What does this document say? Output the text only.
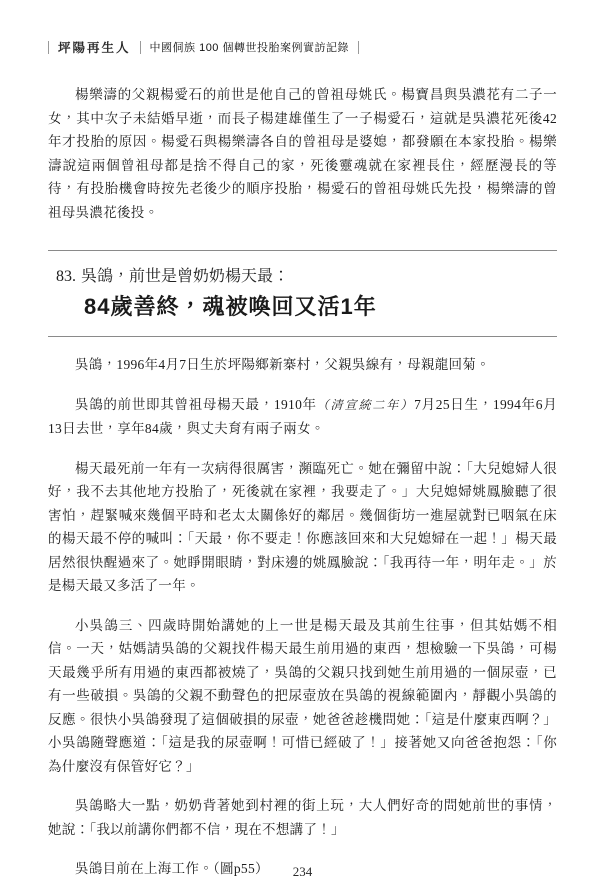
坪陽再生人 中國侗族 100 個轉世投胎案例實訪記錄

楊樂濤的父親楊愛石的前世是他自己的曾祖母姚氏。楊寶昌與吳濃花有二子一女，其中次子未結婚早逝，而長子楊建雄僅生了一子楊愛石，這就是吳濃花死後42年才投胎的原因。楊愛石與楊樂濤各自的曾祖母是婆媳，都發願在本家投胎。楊樂濤說這兩個曾祖母都是捨不得自己的家，死後靈魂就在家裡長住，經歷漫長的等待，有投胎機會時按先老後少的順序投胎，楊愛石的曾祖母姚氏先投，楊樂濤的曾祖母吳濃花後投。

83. 吳鴿，前世是曾奶奶楊天最：
84歲善終，魂被喚回又活1年

吳鴿，1996年4月7日生於坪陽鄉新寨村，父親吳線有，母親龍回菊。

吳鴿的前世即其曾祖母楊天最，1910年（清宣統二年）7月25日生，1994年6月13日去世，享年84歲，與丈夫育有兩子兩女。

楊天最死前一年有一次病得很厲害，瀕臨死亡。她在彌留中說：「大兒媳婦人很好，我不去其他地方投胎了，死後就在家裡，我要走了。」大兒媳婦姚鳳臉聽了很害怕，趕緊喊來幾個平時和老太太關係好的鄰居。幾個街坊一進屋就對已咽氣在床的楊天最不停的喊叫：「天最，你不要走！你應該回來和大兒媳婦在一起！」楊天最居然很快醒過來了。她睜開眼睛，對床邊的姚鳳臉說：「我再待一年，明年走。」於是楊天最又多活了一年。

小吳鴿三、四歲時開始講她的上一世是楊天最及其前生往事，但其姑媽不相信。一天，姑媽請吳鴿的父親找件楊天最生前用過的東西，想檢驗一下吳鴿，可楊天最幾乎所有用過的東西都被燒了，吳鴿的父親只找到她生前用過的一個尿壺，已有一些破損。吳鴿的父親不動聲色的把尿壺放在吳鴿的視線範圍內，靜觀小吳鴿的反應。很快小吳鴿發現了這個破損的尿壺，她爸爸趁機問她：「這是什麼東西啊？」小吳鴿隨聲應道：「這是我的尿壺啊！可惜已經破了！」接著她又向爸爸抱怨：「你為什麼沒有保管好它？」

吳鴿略大一點，奶奶背著她到村裡的街上玩，大人們好奇的問她前世的事情，她說：「我以前講你們都不信，現在不想講了！」

吳鴿目前在上海工作。（圖p55）	234
